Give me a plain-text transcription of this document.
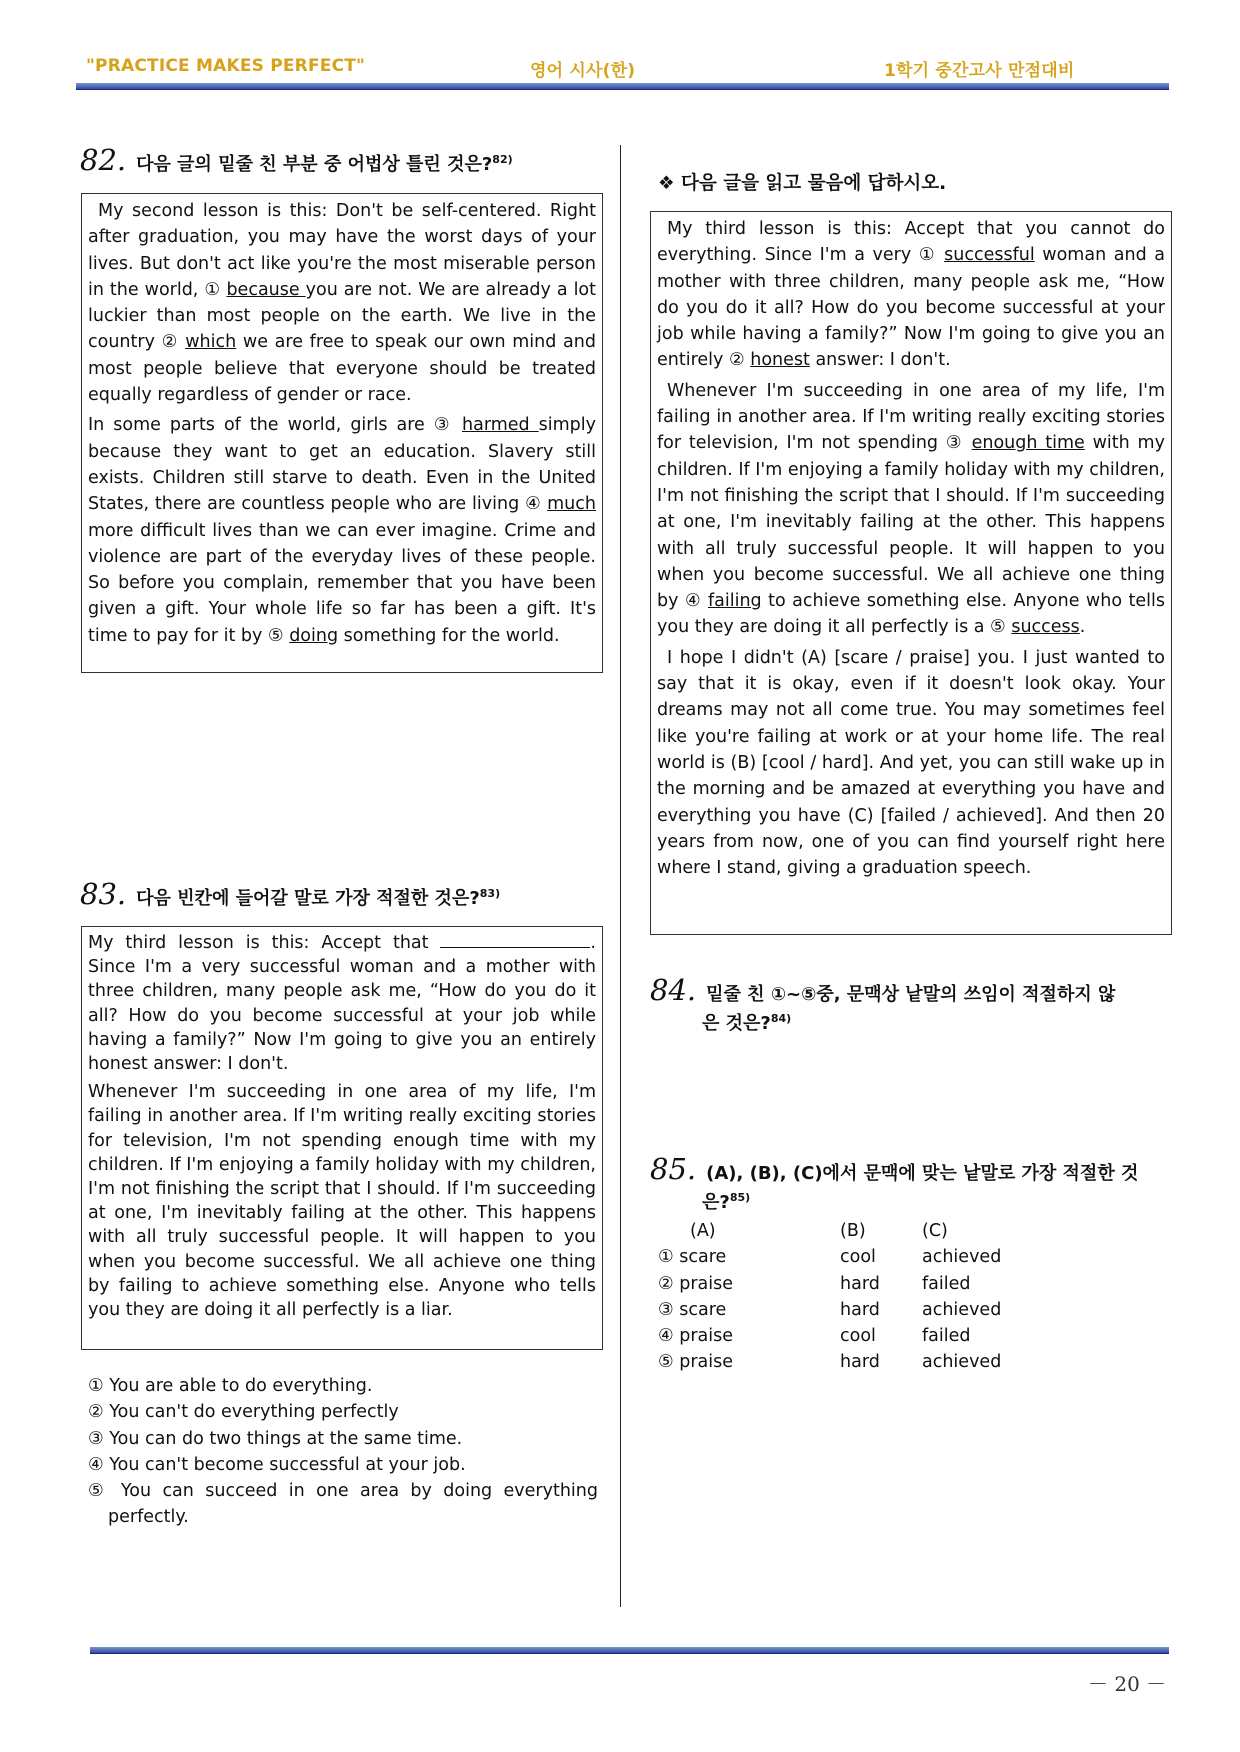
"PRACTICE MAKES PERFECT"	영어 시사(한)	1학기 중간고사 만점대비
82. 다음 글의 밑줄 친 부분 중 어법상 틀린 것은?$^{82)}$

My second lesson is this: Don't be self-centered. Right after graduation, you may have the worst days of your lives. But don't act like you're the most miserable person in the world, ① because you are not. We are already a lot luckier than most people on the earth. We live in the country ② which we are free to speak our own mind and most people believe that everyone should be treated equally regardless of gender or race.

In some parts of the world, girls are ③ harmed simply because they want to get an education. Slavery still exists. Children still starve to death. Even in the United States, there are countless people who are living ④ much more difficult lives than we can ever imagine. Crime and violence are part of the everyday lives of these people. So before you complain, remember that you have been given a gift. Your whole life so far has been a gift. It's time to pay for it by ⑤ doing something for the world.

83. 다음 빈칸에 들어갈 말로 가장 적절한 것은?$^{83)}$

My third lesson is this: Accept that	. Since I'm a very successful woman and a mother with three children, many people ask me, “How do you do it all? How do you become successful at your job while having a family?” Now I'm going to give you an entirely honest answer: I don't.

Whenever I'm succeeding in one area of my life, I'm failing in another area. If I'm writing really exciting stories for television, I'm not spending enough time with my children. If I'm enjoying a family holiday with my children, I'm not finishing the script that I should. If I'm succeeding at one, I'm inevitably failing at the other. This happens with all truly successful people. It will happen to you when you become successful. We all achieve one thing by failing to achieve something else. Anyone who tells you they are doing it all perfectly is a liar.

① You are able to do everything.
② You can't do everything perfectly
③ You can do two things at the same time.
④ You can't become successful at your job.
⑤ You can succeed in one area by doing everything perfectly.
❖ 다음 글을 읽고 물음에 답하시오.

My third lesson is this: Accept that you cannot do everything. Since I'm a very ① successful woman and a mother with three children, many people ask me, “How do you do it all? How do you become successful at your job while having a family?” Now I'm going to give you an entirely ② honest answer: I don't.

Whenever I'm succeeding in one area of my life, I'm failing in another area. If I'm writing really exciting stories for television, I'm not spending ③ enough time with my children. If I'm enjoying a family holiday with my children, I'm not finishing the script that I should. If I'm succeeding at one, I'm inevitably failing at the other. This happens with all truly successful people. It will happen to you when you become successful. We all achieve one thing by ④ failing to achieve something else. Anyone who tells you they are doing it all perfectly is a ⑤ success.

I hope I didn't (A) [scare / praise] you. I just wanted to say that it is okay, even if it doesn't look okay. Your dreams may not all come true. You may sometimes feel like you're failing at work or at your home life. The real world is (B) [cool / hard]. And yet, you can still wake up in the morning and be amazed at everything you have and everything you have (C) [failed / achieved]. And then 20 years from now, one of you can find yourself right here where I stand, giving a graduation speech.

84. 밑줄 친 ①~⑤중, 문맥상 낱말의 쓰임이 적절하지 않
은 것은?$^{84)}$
85. (A), (B), (C)에서 문맥에 맞는 낱말로 가장 적절한 것
은?$^{85)}$
(A)	(B)	(C)
① scare	cool	achieved
② praise	hard	failed
③ scare	hard	achieved
④ praise	cool	failed
⑤ praise	hard	achieved
－ 20 －
